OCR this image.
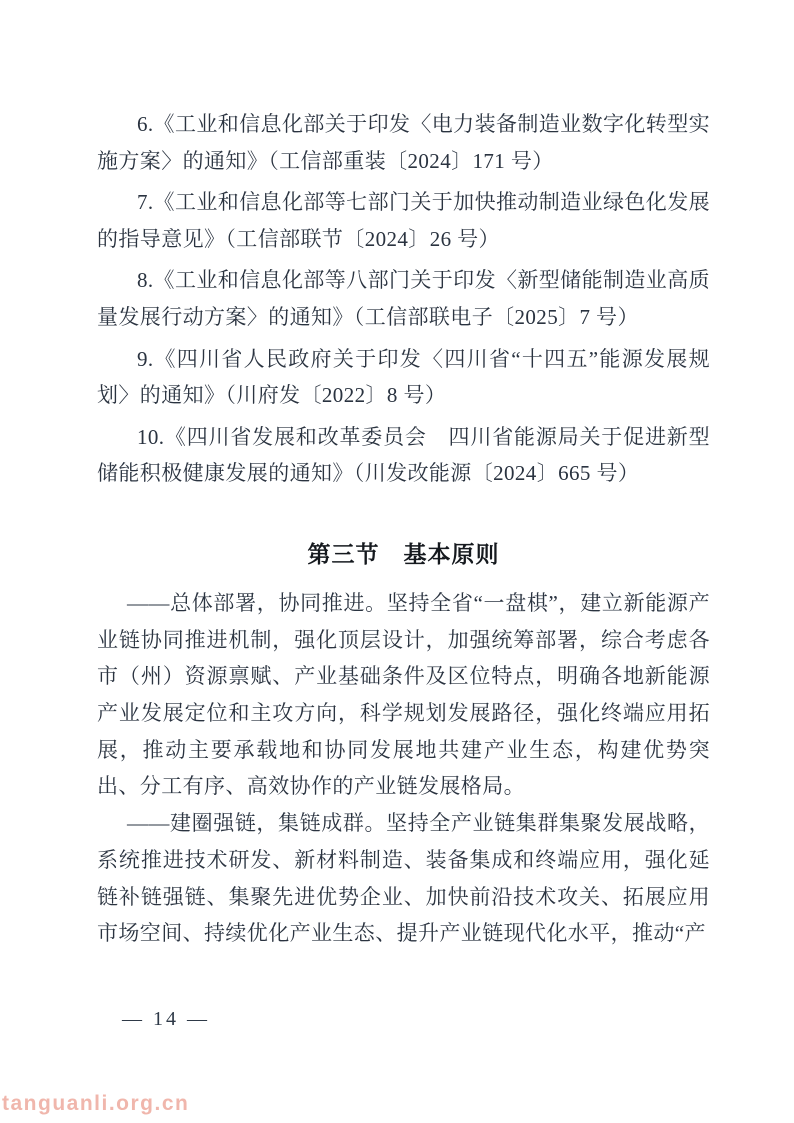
6.《工业和信息化部关于印发〈电力装备制造业数字化转型实施方案〉的通知》（工信部重装〔2024〕171 号）

7.《工业和信息化部等七部门关于加快推动制造业绿色化发展的指导意见》（工信部联节〔2024〕26 号）

8.《工业和信息化部等八部门关于印发〈新型储能制造业高质量发展行动方案〉的通知》（工信部联电子〔2025〕7 号）

9.《四川省人民政府关于印发〈四川省“十四五”能源发展规划〉的通知》（川府发〔2022〕8 号）

10.《四川省发展和改革委员会　四川省能源局关于促进新型储能积极健康发展的通知》（川发改能源〔2024〕665 号）

第三节　基本原则

——总体部署，协同推进。坚持全省“一盘棋”，建立新能源产业链协同推进机制，强化顶层设计，加强统筹部署，综合考虑各市（州）资源禀赋、产业基础条件及区位特点，明确各地新能源产业发展定位和主攻方向，科学规划发展路径，强化终端应用拓展，推动主要承载地和协同发展地共建产业生态，构建优势突出、分工有序、高效协作的产业链发展格局。

——建圈强链，集链成群。坚持全产业链集群集聚发展战略，系统推进技术研发、新材料制造、装备集成和终端应用，强化延链补链强链、集聚先进优势企业、加快前沿技术攻关、拓展应用市场空间、持续优化产业生态、提升产业链现代化水平，推动“产

— 14 —
tanguanli.org.cn
